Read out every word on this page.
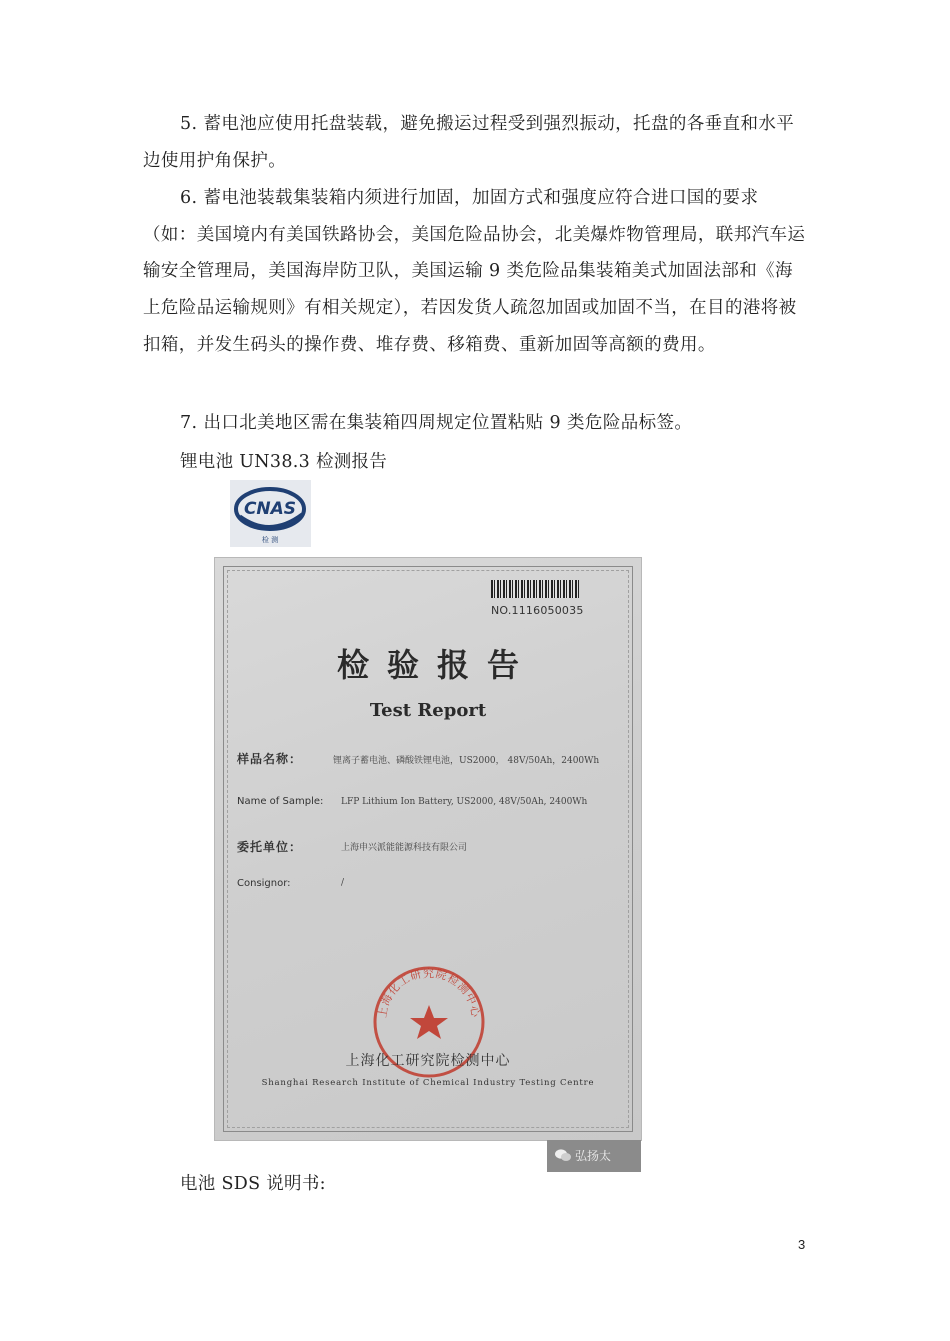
5. 蓄电池应使用托盘装载，避免搬运过程受到强烈振动，托盘的各垂直和水平边使用护角保护。

6. 蓄电池装载集装箱内须进行加固，加固方式和强度应符合进口国的要求（如：美国境内有美国铁路协会，美国危险品协会，北美爆炸物管理局，联邦汽车运输安全管理局，美国海岸防卫队，美国运输 9 类危险品集装箱美式加固法部和《海上危险品运输规则》有相关规定），若因发货人疏忽加固或加固不当，在目的港将被扣箱，并发生码头的操作费、堆存费、移箱费、重新加固等高额的费用。

7. 出口北美地区需在集装箱四周规定位置粘贴 9 类危险品标签。

锂电池 UN38.3 检测报告

CNAS
检 测
NO.1116050035
检验报告
Test Report
样品名称：	锂离子蓄电池、磷酸铁锂电池，US2000， 48V/50Ah，2400Wh
Name of Sample: LFP Lithium Ion Battery, US2000, 48V/50Ah, 2400Wh
委托单位：	上海申兴派能能源科技有限公司
Consignor:	/
上海化工研究院检测中心
上海化工研究院检测中心
Shanghai Research Institute of Chemical Industry Testing Centre
弘扬太

电池 SDS 说明书:

3
